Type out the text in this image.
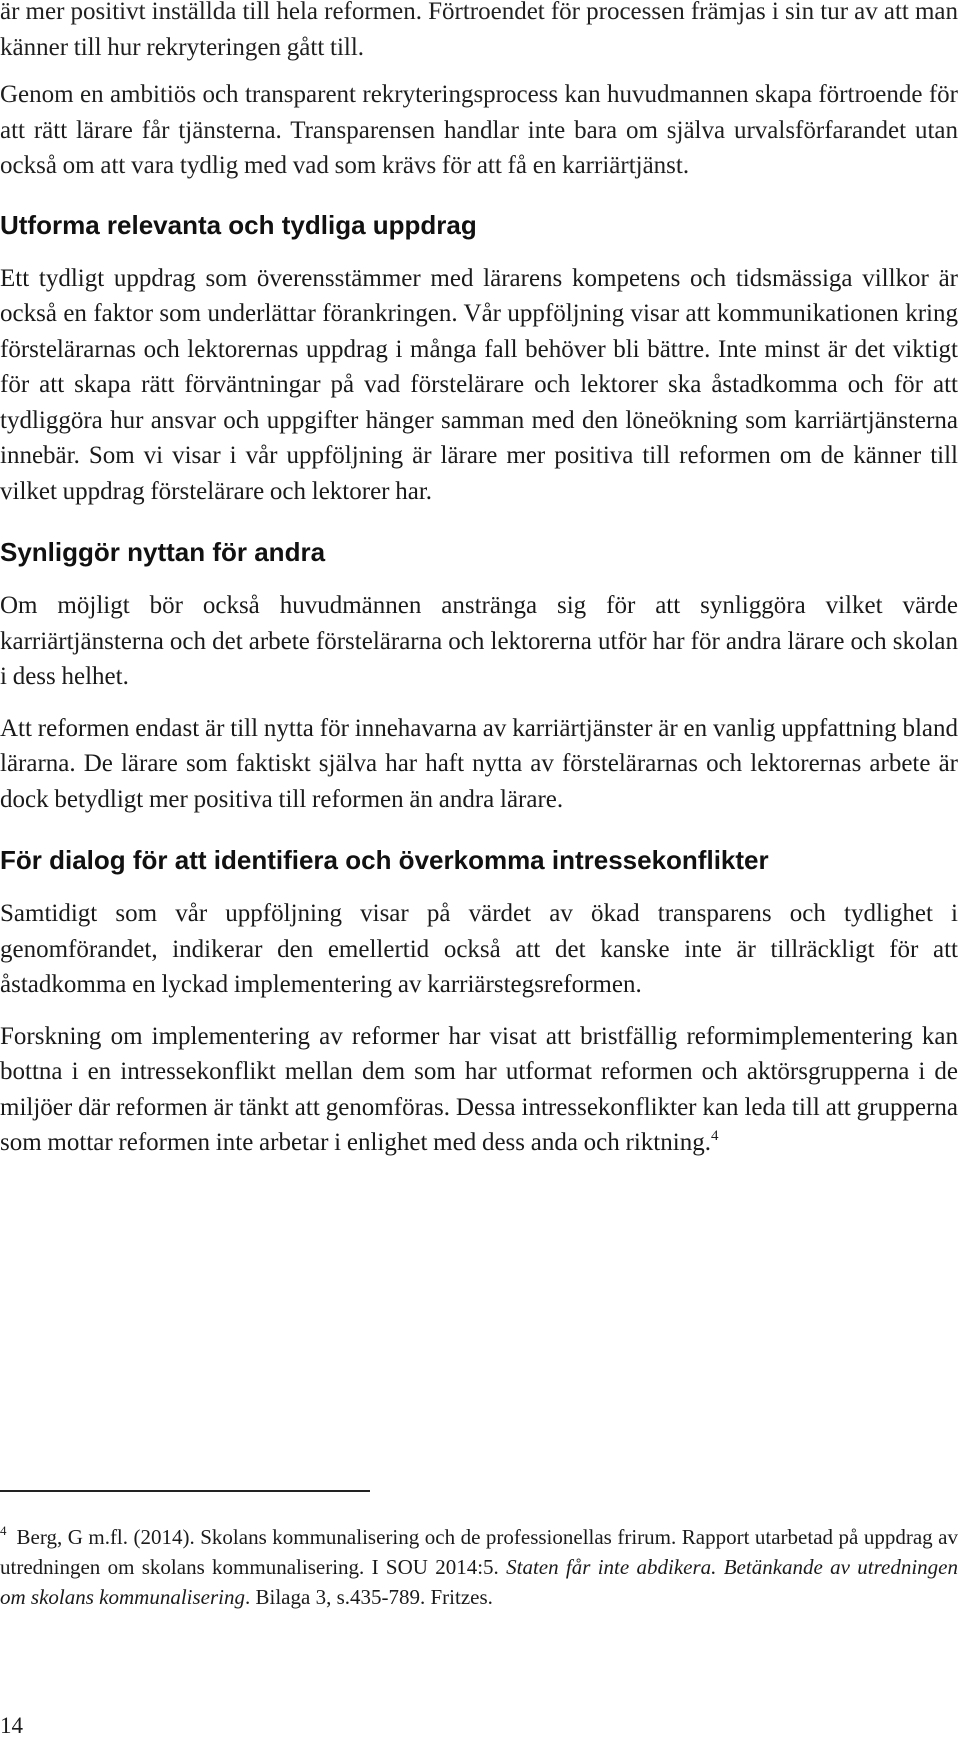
är mer positivt inställda till hela reformen. Förtroendet för processen främjas i sin tur av att man känner till hur rekryteringen gått till.

Genom en ambitiös och transparent rekryteringsprocess kan huvudmannen skapa förtroende för att rätt lärare får tjänsterna. Transparensen handlar inte bara om själva urvalsförfarandet utan också om att vara tydlig med vad som krävs för att få en karriärtjänst.

Utforma relevanta och tydliga uppdrag

Ett tydligt uppdrag som överensstämmer med lärarens kompetens och tidsmässiga villkor är också en faktor som underlättar förankringen. Vår uppföljning visar att kommunikationen kring förstelärarnas och lektorernas uppdrag i många fall behöver bli bättre. Inte minst är det viktigt för att skapa rätt förväntningar på vad förstelärare och lektorer ska åstadkomma och för att tydliggöra hur ansvar och uppgifter hänger samman med den löneökning som karriärtjänsterna innebär. Som vi visar i vår uppföljning är lärare mer positiva till reformen om de känner till vilket uppdrag förstelärare och lektorer har.

Synliggör nyttan för andra

Om möjligt bör också huvudmännen anstränga sig för att synliggöra vilket värde karriärtjänsterna och det arbete förstelärarna och lektorerna utför har för andra lärare och skolan i dess helhet.

Att reformen endast är till nytta för innehavarna av karriärtjänster är en vanlig uppfattning bland lärarna. De lärare som faktiskt själva har haft nytta av förstelärarnas och lektorernas arbete är dock betydligt mer positiva till reformen än andra lärare.

För dialog för att identifiera och överkomma intressekonflikter

Samtidigt som vår uppföljning visar på värdet av ökad transparens och tydlighet i genomförandet, indikerar den emellertid också att det kanske inte är tillräckligt för att åstadkomma en lyckad implementering av karriärstegsreformen.

Forskning om implementering av reformer har visat att bristfällig reformimplementering kan bottna i en intressekonflikt mellan dem som har utformat reformen och aktörsgrupperna i de miljöer där reformen är tänkt att genomföras. Dessa intressekonflikter kan leda till att grupperna som mottar reformen inte arbetar i enlighet med dess anda och riktning.$^4$

$^4$ Berg, G m.fl. (2014). Skolans kommunalisering och de professionellas frirum. Rapport utarbetad på uppdrag av utredningen om skolans kommunalisering. I SOU 2014:5. Staten får inte abdikera. Betänkande av utredningen om skolans kommunalisering. Bilaga 3, s.435-789. Fritzes.

14
